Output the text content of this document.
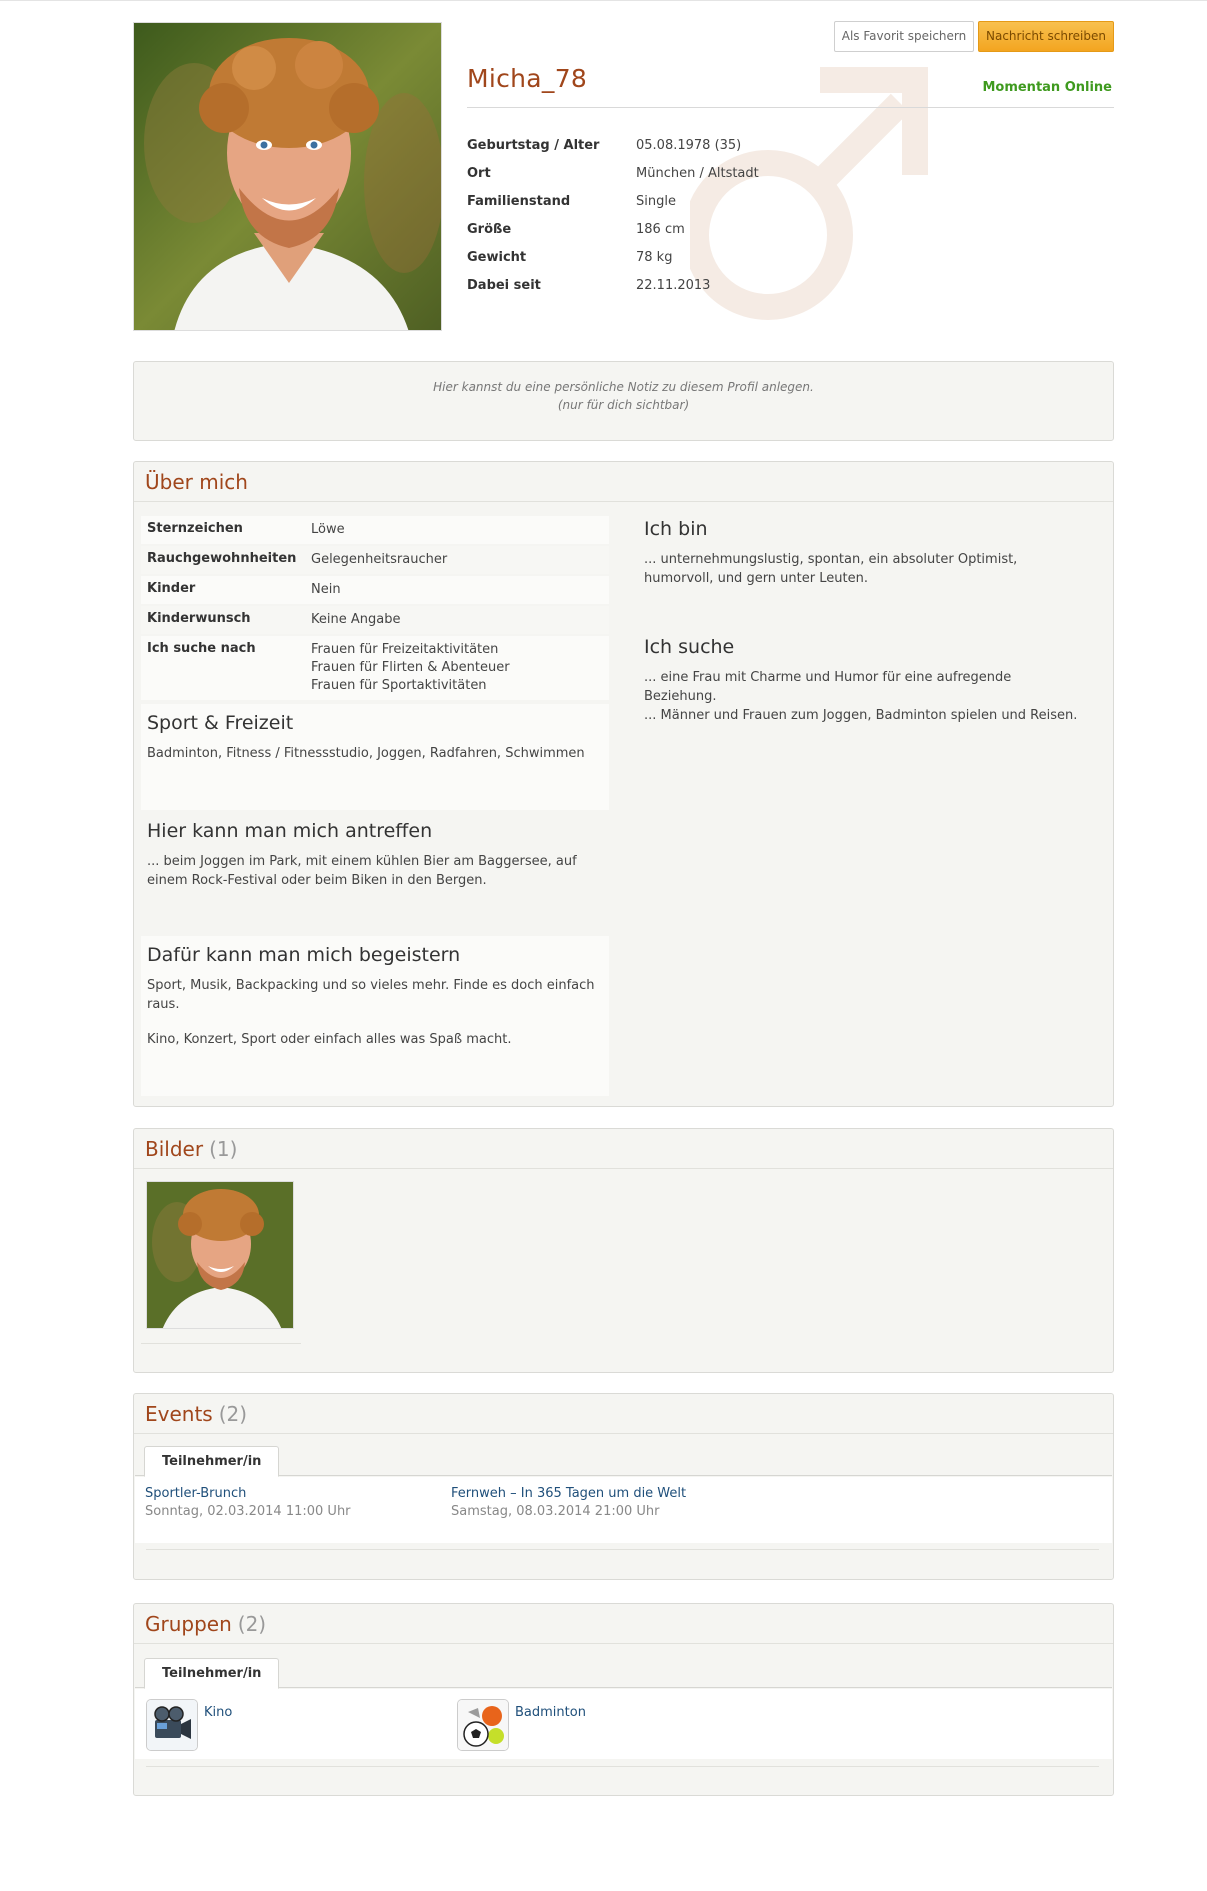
Als Favorit speichern	Nachricht schreiben
Micha_78	Momentan Online
Geburtstag / Alter	05.08.1978 (35)
Ort	München / Altstadt
Familienstand	Single
Größe	186 cm
Gewicht	78 kg
Dabei seit	22.11.2013
Hier kannst du eine persönliche Notiz zu diesem Profil anlegen.
(nur für dich sichtbar)
Über mich
Sternzeichen	Löwe
Rauchgewohnheiten Gelegenheitsraucher
Kinder	Nein
Kinderwunsch	Keine Angabe
Ich suche nach	Frauen für Freizeitaktivitäten
Frauen für Flirten & Abenteuer
Frauen für Sportaktivitäten
Sport & Freizeit

Badminton, Fitness / Fitnessstudio, Joggen, Radfahren, Schwimmen

Hier kann man mich antreffen

... beim Joggen im Park, mit einem kühlen Bier am Baggersee, auf einem Rock-Festival oder beim Biken in den Bergen.

Dafür kann man mich begeistern

Sport, Musik, Backpacking und so vieles mehr. Finde es doch einfach raus.

Kino, Konzert, Sport oder einfach alles was Spaß macht.

Ich bin

... unternehmungslustig, spontan, ein absoluter Optimist, humorvoll, und gern unter Leuten.

Ich suche

... eine Frau mit Charme und Humor für eine aufregende Beziehung.

... Männer und Frauen zum Joggen, Badminton spielen und Reisen.

Bilder (1)
Events (2)
Teilnehmer/in
Sportler-Brunch
Sonntag, 02.03.2014 11:00 Uhr
Fernweh – In 365 Tagen um die Welt
Samstag, 08.03.2014 21:00 Uhr
Gruppen (2)
Teilnehmer/in
Kino	Badminton
